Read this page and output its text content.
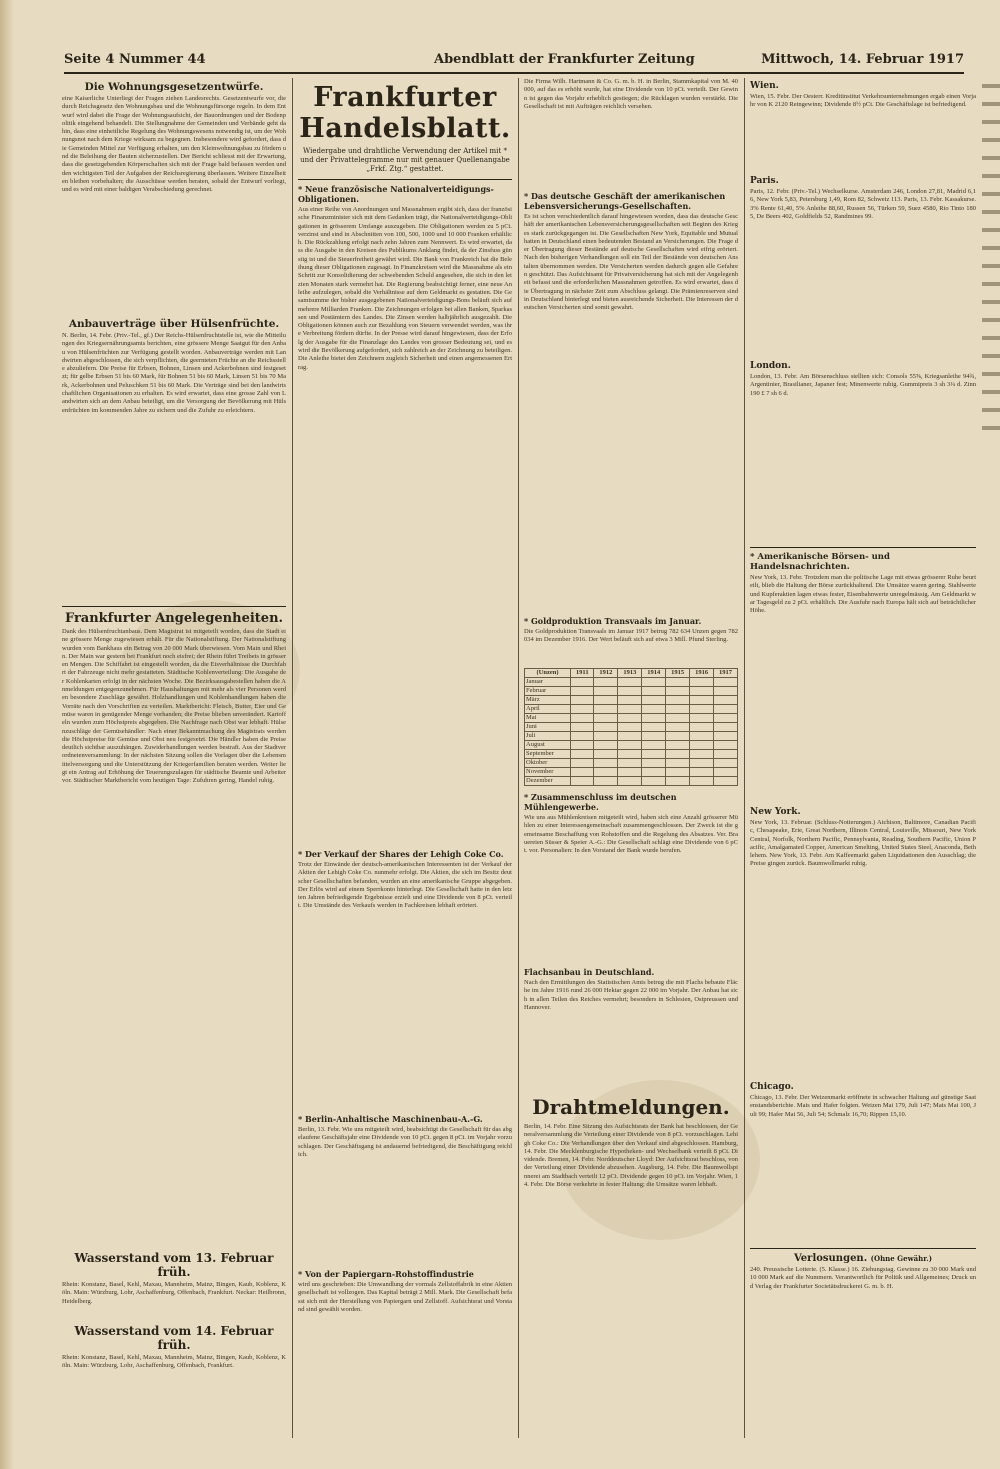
Seite 4 Nummer 44	Abendblatt der Frankfurter Zeitung	Mittwoch, 14. Februar 1917
Die Wohnungsgesetzentwürfe.
eine Kaiserliche Unterliegt der Fragen ziehen Landesrechts. Gesetzentwurfe vor, die durch Reichsgesetz den Wohnungsbau und die Wohnungsfürsorge regeln. In dem Entwurf wird dabei die Frage der Wohnungsaufsicht, der Bauordnungen und der Bodenpolitik eingehend behandelt. Die Stellungnahme der Gemeinden und Verbände geht dahin, dass eine einheitliche Regelung des Wohnungswesens notwendig ist, um der Wohnungsnot nach dem Kriege wirksam zu begegnen. Insbesondere wird gefordert, dass die Gemeinden Mittel zur Verfügung erhalten, um den Kleinwohnungsbau zu fördern und die Beleihung der Bauten sicherzustellen. Der Bericht schliesst mit der Erwartung, dass die gesetzgebenden Körperschaften sich mit der Frage bald befassen werden und den wichtigsten Teil der Aufgaben der Reichsregierung überlassen. Weitere Einzelheiten bleiben vorbehalten; die Ausschüsse werden beraten, sobald der Entwurf vorliegt, und es wird mit einer baldigen Verabschiedung gerechnet.
Anbauverträge über Hülsenfrüchte.
N. Berlin, 14. Febr. (Priv.-Tel., gf.) Der Reichs-Hülsenfruchtstelle ist, wie die Mitteilungen des Kriegsernährungsamts berichten, eine grössere Menge Saatgut für den Anbau von Hülsenfrüchten zur Verfügung gestellt worden. Anbauverträge werden mit Landwirten abgeschlossen, die sich verpflichten, die geernteten Früchte an die Reichsstelle abzuliefern. Die Preise für Erbsen, Bohnen, Linsen und Ackerbohnen sind festgesetzt; für gelbe Erbsen 51 bis 60 Mark, für Bohnen 51 bis 60 Mark, Linsen 51 bis 70 Mark, Ackerbohnen und Peluschken 51 bis 60 Mark. Die Verträge sind bei den landwirtschaftlichen Organisationen zu erhalten. Es wird erwartet, dass eine grosse Zahl von Landwirten sich an dem Anbau beteiligt, um die Versorgung der Bevölkerung mit Hülsenfrüchten im kommenden Jahre zu sichern und die Zufuhr zu erleichtern.
Frankfurter Angelegenheiten.
Dank des Hülsenfruchtanbaus. Dem Magistrat ist mitgeteilt worden, dass die Stadt eine grössere Menge zugewiesen erhält. Für die Nationalstiftung. Der Nationalstiftung wurden vom Bankhaus ein Betrag von 20 000 Mark überwiesen. Vom Main und Rhein. Der Main war gestern bei Frankfurt noch eisfrei; der Rhein führt Treibeis in grösseren Mengen. Die Schiffahrt ist eingestellt worden, da die Eisverhältnisse die Durchfahrt der Fahrzeuge nicht mehr gestatteten. Städtische Kohlenverteilung: Die Ausgabe der Kohlenkarten erfolgt in der nächsten Woche. Die Bezirksausgabestellen haben die Anmeldungen entgegenzunehmen. Für Haushaltungen mit mehr als vier Personen werden besondere Zuschläge gewährt. Holzhandlungen und Kohlenhandlungen haben die Vorräte nach den Vorschriften zu verteilen. Marktbericht: Fleisch, Butter, Eier und Gemüse waren in genügender Menge vorhanden; die Preise blieben unverändert. Kartoffeln wurden zum Höchstpreis abgegeben. Die Nachfrage nach Obst war lebhaft. Hülsenzuschläge der Gemüsehändler: Nach einer Bekanntmachung des Magistrats werden die Höchstpreise für Gemüse und Obst neu festgesetzt. Die Händler haben die Preise deutlich sichtbar auszuhängen. Zuwiderhandlungen werden bestraft. Aus der Stadtverordnetenversammlung: In der nächsten Sitzung sollen die Vorlagen über die Lebensmittelversorgung und die Unterstützung der Kriegerfamilien beraten werden. Weiter liegt ein Antrag auf Erhöhung der Teuerungszulagen für städtische Beamte und Arbeiter vor. Städtischer Marktbericht vom heutigen Tage: Zufuhren gering, Handel ruhig.
Wasserstand vom 13. Februar früh.
Rhein: Konstanz, Basel, Kehl, Maxau, Mannheim, Mainz, Bingen, Kaub, Koblenz, Köln. Main: Würzburg, Lohr, Aschaffenburg, Offenbach, Frankfurt. Neckar: Heilbronn, Heidelberg.
Wasserstand vom 14. Februar früh.
Rhein: Konstanz, Basel, Kehl, Maxau, Mannheim, Mainz, Bingen, Kaub, Koblenz, Köln. Main: Würzburg, Lohr, Aschaffenburg, Offenbach, Frankfurt.
Frankfurter Handelsblatt.
Wiedergabe und drahtliche Verwendung der Artikel mit * und der Privattelegramme nur mit genauer Quellenangabe „Frkf. Ztg.“ gestattet.
* Neue französische Nationalverteidigungs-Obligationen.
Aus einer Reihe von Anordnungen und Massnahmen ergibt sich, dass der französische Finanzminister sich mit dem Gedanken trägt, die Nationalverteidigungs-Obligationen in grösserem Umfange auszugeben. Die Obligationen werden zu 5 pCt. verzinst und sind in Abschnitten von 100, 500, 1000 und 10 000 Franken erhältlich. Die Rückzahlung erfolgt nach zehn Jahren zum Nennwert. Es wird erwartet, dass die Ausgabe in den Kreisen des Publikums Anklang findet, da der Zinsfuss günstig ist und die Steuerfreiheit gewährt wird. Die Bank von Frankreich hat die Beleihung dieser Obligationen zugesagt. In Finanzkreisen wird die Massnahme als ein Schritt zur Konsolidierung der schwebenden Schuld angesehen, die sich in den letzten Monaten stark vermehrt hat. Die Regierung beabsichtigt ferner, eine neue Anleihe aufzulegen, sobald die Verhältnisse auf dem Geldmarkt es gestatten. Die Gesamtsumme der bisher ausgegebenen Nationalverteidigungs-Bons beläuft sich auf mehrere Milliarden Franken. Die Zeichnungen erfolgen bei allen Banken, Sparkassen und Postämtern des Landes. Die Zinsen werden halbjährlich ausgezahlt. Die Obligationen können auch zur Bezahlung von Steuern verwendet werden, was ihre Verbreitung fördern dürfte. In der Presse wird darauf hingewiesen, dass der Erfolg der Ausgabe für die Finanzlage des Landes von grosser Bedeutung sei, und es wird die Bevölkerung aufgefordert, sich zahlreich an der Zeichnung zu beteiligen. Die Anleihe bietet den Zeichnern zugleich Sicherheit und einen angemessenen Ertrag.
* Der Verkauf der Shares der Lehigh Coke Co.
Trotz der Einwände der deutsch-amerikanischen Interessenten ist der Verkauf der Aktien der Lehigh Coke Co. nunmehr erfolgt. Die Aktien, die sich im Besitz deutscher Gesellschaften befanden, wurden an eine amerikanische Gruppe abgegeben. Der Erlös wird auf einem Sperrkonto hinterlegt. Die Gesellschaft hatte in den letzten Jahren befriedigende Ergebnisse erzielt und eine Dividende von 8 pCt. verteilt. Die Umstände des Verkaufs werden in Fachkreisen lebhaft erörtert.
* Berlin-Anhaltische Maschinenbau-A.-G.
Berlin, 13. Febr. Wie uns mitgeteilt wird, beabsichtigt die Gesellschaft für das abgelaufene Geschäftsjahr eine Dividende von 10 pCt. gegen 8 pCt. im Vorjahr vorzuschlagen. Der Geschäftsgang ist andauernd befriedigend, die Beschäftigung reichlich.
* Von der Papiergarn-Rohstoffindustrie
wird uns geschrieben: Die Umwandlung der vormals Zellstoffabrik in eine Aktiengesellschaft ist vollzogen. Das Kapital beträgt 2 Mill. Mark. Die Gesellschaft befasst sich mit der Herstellung von Papiergarn und Zellstoff. Aufsichtsrat und Vorstand sind gewählt worden.
Die Firma Wilh. Hartmann & Co. G. m. b. H. in Berlin, Stammkapital von M. 40 000, auf das es erhöht wurde, hat eine Dividende von 10 pCt. verteilt. Der Gewinn ist gegen das Vorjahr erheblich gestiegen; die Rücklagen wurden verstärkt. Die Gesellschaft ist mit Aufträgen reichlich versehen.
* Das deutsche Geschäft der amerikanischen Lebensversicherungs-Gesellschaften.
Es ist schon verschiedentlich darauf hingewiesen worden, dass das deutsche Geschäft der amerikanischen Lebensversicherungsgesellschaften seit Beginn des Krieges stark zurückgegangen ist. Die Gesellschaften New York, Equitable und Mutual hatten in Deutschland einen bedeutenden Bestand an Versicherungen. Die Frage der Übertragung dieser Bestände auf deutsche Gesellschaften wird eifrig erörtert. Nach den bisherigen Verhandlungen soll ein Teil der Bestände von deutschen Anstalten übernommen werden. Die Versicherten werden dadurch gegen alle Gefahren geschützt. Das Aufsichtsamt für Privatversicherung hat sich mit der Angelegenheit befasst und die erforderlichen Massnahmen getroffen. Es wird erwartet, dass die Übertragung in nächster Zeit zum Abschluss gelangt. Die Prämienreserven sind in Deutschland hinterlegt und bieten ausreichende Sicherheit. Die Interessen der deutschen Versicherten sind somit gewahrt.
* Goldproduktion Transvaals im Januar.
Die Goldproduktion Transvaals im Januar 1917 betrug 782 634 Unzen gegen 782 034 im Dezember 1916. Der Wert beläuft sich auf etwa 3 Mill. Pfund Sterling.
(Unzen)	1911	1912	1913	1914	1915	1916	1917
Januar							
Februar							
März							
April							
Mai							
Juni							
Juli							
August							
September							
Oktober							
November							
Dezember							
* Zusammenschluss im deutschen Mühlengewerbe.
Wie uns aus Mühlenkreisen mitgeteilt wird, haben sich eine Anzahl grösserer Mühlen zu einer Interessengemeinschaft zusammengeschlossen. Der Zweck ist die gemeinsame Beschaffung von Rohstoffen und die Regelung des Absatzes. Ver. Brauereien Süsser & Speier A.-G.: Die Gesellschaft schlägt eine Dividende von 6 pCt. vor. Personalien: In den Vorstand der Bank wurde berufen.
Flachsanbau in Deutschland.
Nach den Ermittlungen des Statistischen Amts betrug die mit Flachs bebaute Fläche im Jahre 1916 rund 26 000 Hektar gegen 22 000 im Vorjahr. Der Anbau hat sich in allen Teilen des Reiches vermehrt; besonders in Schlesien, Ostpreussen und Hannover.
Drahtmeldungen.
Berlin, 14. Febr. Eine Sitzung des Aufsichtsrats der Bank hat beschlossen, der Generalversammlung die Verteilung einer Dividende von 8 pCt. vorzuschlagen. Lehigh Coke Co.: Die Verhandlungen über den Verkauf sind abgeschlossen. Hamburg, 14. Febr. Die Mecklenburgische Hypotheken- und Wechselbank verteilt 8 pCt. Dividende. Bremen, 14. Febr. Norddeutscher Lloyd: Der Aufsichtsrat beschloss, von der Verteilung einer Dividende abzusehen. Augsburg, 14. Febr. Die Baumwollspinnerei am Stadtbach verteilt 12 pCt. Dividende gegen 10 pCt. im Vorjahr. Wien, 14. Febr. Die Börse verkehrte in fester Haltung; die Umsätze waren lebhaft.
Wien.
Wien, 15. Febr. Der Oesterr. Kreditinstitut Verkehrsunternehmungen ergab einen Vorjahr von K 2120 Reingewinn; Dividende 8½ pCt. Die Geschäftslage ist befriedigend.
Paris.
Paris, 12. Febr. (Priv.-Tel.) Wechselkurse. Amsterdam 246, London 27,81, Madrid 6,16, New York 5,83, Petersburg 1,49, Rom 82, Schweiz 113. Paris, 13. Febr. Kassakurse. 3% Rente 61,40, 5% Anleihe 88,60, Russen 56, Türken 59, Suez 4580, Rio Tinto 1805, De Beers 402, Goldfields 52, Randmines 99.
London.
London, 13. Febr. Am Börsenschluss stellten sich: Consols 55⅝, Kriegsanleihe 94¾, Argentinier, Brasilianer, Japaner fest; Minenwerte ruhig. Gummipreis 3 sh 3¼ d. Zinn 190 £ 7 sh 6 d.
* Amerikanische Börsen- und Handelsnachrichten.
New York, 13. Febr. Trotzdem man die politische Lage mit etwas grösserer Ruhe beurteilt, blieb die Haltung der Börse zurückhaltend. Die Umsätze waren gering. Stahlwerte und Kupferaktien lagen etwas fester, Eisenbahnwerte unregelmässig. Am Geldmarkt war Tagesgeld zu 2 pCt. erhältlich. Die Ausfuhr nach Europa hält sich auf beträchtlicher Höhe.
New York.
New York, 13. Februar. (Schluss-Notierungen.) Atchison, Baltimore, Canadian Pacific, Chesapeake, Erie, Great Northern, Illinois Central, Louisville, Missouri, New York Central, Norfolk, Northern Pacific, Pennsylvania, Reading, Southern Pacific, Union Pacific, Amalgamated Copper, American Smelting, United States Steel, Anaconda, Bethlehem. New York, 13. Febr. Am Kaffeemarkt gaben Liquidationen den Ausschlag; die Preise gingen zurück. Baumwollmarkt ruhig.
Chicago.
Chicago, 13. Febr. Der Weizenmarkt eröffnete in schwacher Haltung auf günstige Saatenstandsberichte. Mais und Hafer folgten. Weizen Mai 179, Juli 147; Mais Mai 100, Juli 99; Hafer Mai 56, Juli 54; Schmalz 16,70; Rippen 15,10.
Verlosungen. (Ohne Gewähr.)
240. Preussische Lotterie. (5. Klasse.) 16. Ziehungstag. Gewinne zu 30 000 Mark und 10 000 Mark auf die Nummern. Verantwortlich für Politik und Allgemeines; Druck und Verlag der Frankfurter Societätsdruckerei G. m. b. H.
